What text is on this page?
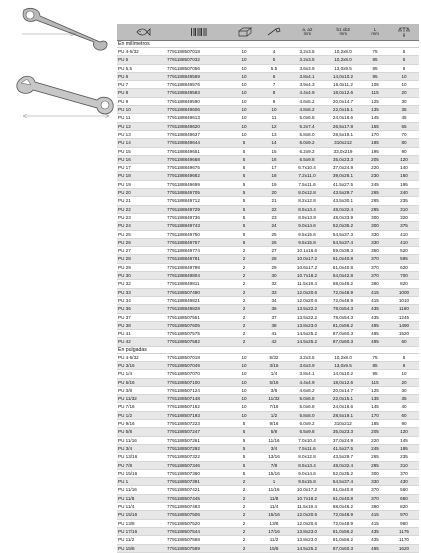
a, a2
mm
b1 xb2
mm
L
mm	g
En milímetros
PU 4-5/32	7791188507018	10	4	3,2x3.5	10,2x8.0	75	5
PU 5	7791188507032	10	5	3.2x3.5	10,2x8.0	85	5
PU 5,5	7791188507056	10	5.5	3.6x3.9	13,0x9.5	85	6
PU 6	7791188849569	10	6	3.8x4.1	14,0x10.2	95	10
PU 7	7791188849576	10	7	3.9x4.3	16,0x11.2	105	10
PU 8	7791188849583	10	8	4.4x4.9	18,0x12.6	115	20
PU 9	7791188849590	10	9	4.6x5.2	20,0x14.7	125	30
PU 10	7791188849606	10	10	4.8x6.2	22,0x15.1	135	35
PU 11	7791188849613	10	11	5.0x6.8	24,0x16.6	145	45
PU 12	7791188849620	10	12	5.2x7.4	26,5x17.8	155	55
PU 13	7791188849637	10	13	5.8x8.0	28,5x19.1	170	70
PU 14	7791188849644	5	14	6.0x9.2	310x212	185	80
PU 15	7791188849651	5	15	6.2x9.2	33,0x219	195	90
PU 16	7791188849668	5	16	6.5x9.8	35,0x23.3	205	120
PU 17	7791188849675	5	17	6.7x10.4	37,0x24.9	220	140
PU 18	7791188849682	5	18	7.2x11.0	39,0x26.1	230	160
PU 19	7791188849699	5	19	7.5x11.6	41.5x27.5	245	195
PU 20	7791188849705	5	20	8.0x12.8	43.5x29.7	265	240
PU 21	7791188849712	5	21	8.2x12.8	43.5x30.1	265	235
PU 22	7791188849729	5	22	8.5x13.4	48,0x32.4	285	310
PU 23	7791188849736	5	23	8.9x13.9	48,0x33.9	300	320
PU 24	7791188849743	5	24	9.0x14.6	52,0x35.2	300	375
PU 25	7791188849750	5	25	9.5x15.6	54,5x37.3	330	410
PU 26	7791188849767	5	26	9.5x15.8	54,5x37.4	330	410
PU 27	7791188849774	2	27	10.1x16.6	59,0x39.3	350	520
PU 28	7791188849781	2	28	10.0x17.2	61,0x40.8	370	595
PU 29	7791188849798	2	29	10.6x17.2	61,0x40.8	370	620
PU 30	7791188849804	2	30	10.7x18.2	64,0x42.8	370	700
PU 32	7791188849811	2	32	11.5x19.4	68,0x46.2	390	820
PU 33	7791188507490	2	33	12.0x20.6	72,0x48.9	415	1000
PU 34	7791188849821	2	34	12.0x20.6	72,0x48.9	415	1010
PU 36	7791188849828	2	36	13.5x22.2	78,0x54.3	435	1160
PU 37	7791188507551	2	37	13.5x22.2	78,0x54.3	435	1245
PU 38	7791188507605	2	38	13.8x23.0	81,0x56.2	495	1490
PU 41	7791188507575	2	41	14.5x25.2	87,0x60.3	495	1520
PU 42	7791188507582	2	42	14.5x25.2	87,0x60.3	495	60
En pulgadas
PU 4-5/32	7791188507018	10	5/32	3.2x3.5	10,2x8.0	75	5
PU 3/16	7791188507049	10	3/16	3.6x3.9	13,0x9.5	85	6
PU 1/4	7791188507070	10	1/4	3.8x4.1	14,0x10.2	95	10
PU 5/16	7791188507100	10	5/16	4.4x4.9	18,0x12.6	115	20
PU 3/8	7791188507124	10	3/8	4.6x6.2	20,0x14.7	125	30
PU 11/32	7791188507148	10	11/32	5.0x6.8	22,0x15.1	135	35
PU 7/16	7791188507162	10	7/16	5.0x6.8	24,0x16.6	145	40
PU 1/2	7791188507193	10	1/2	5.8x8.0	28,5x19.1	170	60
PU 9/16	7791188507223	5	9/16	6.0x9.2	310x212	185	90
PU 5/8	7791188507247	5	5/8	6.5x9.8	35,0x23.3	205	120
PU 11/16	7791188507261	5	11/16	7.0x10.4	37,0x24.9	220	145
PU 3/4	7791188507292	5	3/4	7.5x11.6	41.5x27.5	245	195
PU 13/16	7791188507322	5	13/16	8.0x12.8	43,5x29.7	265	235
PU 7/8	7791188507346	5	7/8	8.5x13.4	48,0x32.4	285	310
PU 15/16	7791188507360	5	15/16	9.0x14.6	52,0x35.2	300	370
PU 1	7791188507391	2	1	9.5x15.8	54,5x37.4	330	430
PU 11/16	7791188507421	2	11/16	10.0x17.2	61,0x40.8	370	560
PU 11/8	7791188507445	2	11/8	10.7x18.2	61,0x40.8	370	660
PU 11/4	7791188507483	2	11/4	11.5x19.4	68,0x46.2	390	820
PU 15/16	7791188507506	2	15/16	12.0x20.6	72,0x48.9	415	970
PU 13/8	7791188507520	2	13/8	12.0x20.6	72,0x48.9	415	960
PU 17/16	7791188507544	2	17/16	13.8x23.0	81,0x56.2	435	1175
PU 11/2	7791188507568	2	11/2	13.8x23.0	81,0x56.2	435	1170
PU 15/8	7791188507599	2	15/8	14.5x25.2	87,0x60.3	495	1620
